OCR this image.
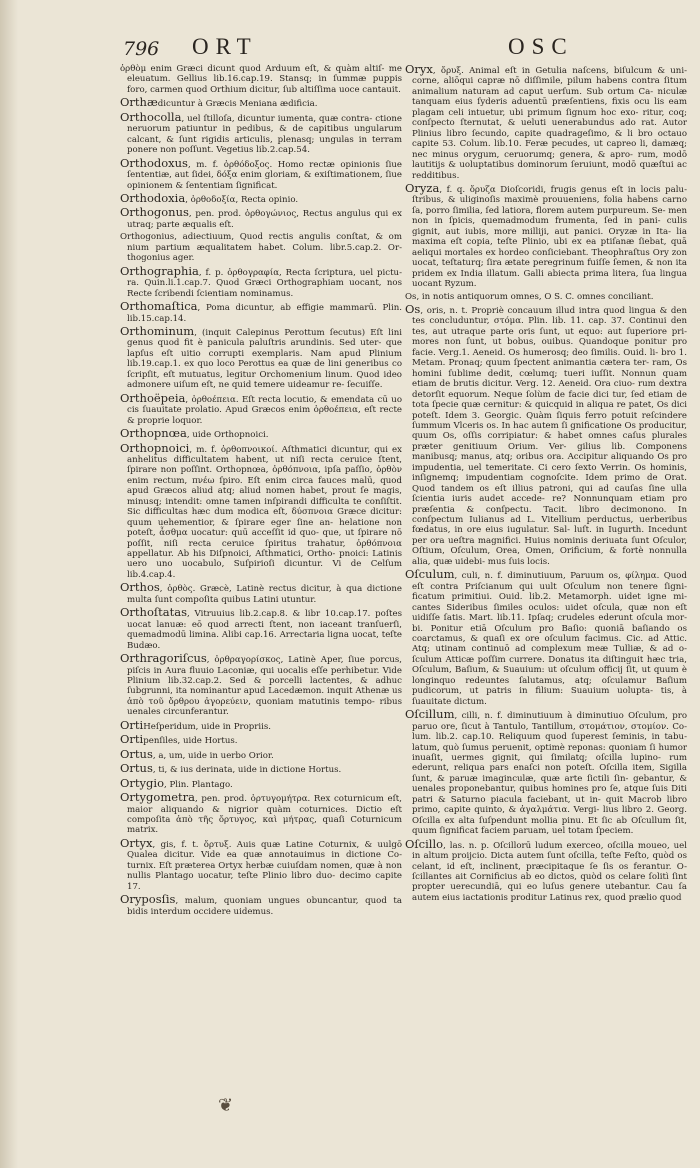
796 ORT	OSC
ὀρθὸμ enim Græci dicunt quod Arduum eſt, & quàm altiſ- me eleuatum. Gellius lib.16.cap.19. Stansq; in ſummæ puppis foro, carmen quod Orthium dicitur, ſub altiſſima uoce cantauit.
Orthædicuntur à Græcis Meniana ædificia.
Orthocolla, uel ſtilloſa, dicuntur iumenta, quæ contra- ctione neruorum patiuntur in pedibus, & de capitibus ungularum calcant, & ſunt rigidis articulis, plenasq; ungulas in terram ponere non poſſunt. Vegetius lib.2.cap.54.
Orthodoxus, m. f. ὀρθόδοξος. Homo rectæ opinionis ſiue ſententiæ, aut ſidei, δόξα enim gloriam, & exiſtimationem, ſiue opinionem & ſententiam ſignificat.
Orthodoxia, ὀρθοδοξία, Recta opinio.
Orthogonus, pen. prod. ὀρθογώνιος, Rectus angulus qui ex utraq; parte æqualis eſt.
Orthogonius, adiectiuum, Quod rectis angulis conſtat, & om nium partium æqualitatem habet. Colum. libr.5.cap.2. Or- thogonius ager.
Orthographia, f. p. ὀρθογραφία, Recta ſcriptura, uel pictu- ra. Quin.li.1.cap.7. Quod Græci Orthographiam uocant, nos Recte ſcribendi ſcientiam nominamus.
Orthomaſtica, Poma dicuntur, ab effigie mammarū. Plin. lib.15.cap.14.
Orthominum, (inquit Calepinus Perottum ſecutus) Eſt lini genus quod fit è panicula paluſtris arundinis. Sed uter- que lapſus eſt uitio corrupti exemplaris. Nam apud Plinium lib.19.cap.1. ex quo loco Perottus ea quæ de lini generibus co ſcripſit, eſt mutuatus, legitur Orchomenium linum. Quod ideo admonere uiſum eſt, ne quid temere uideamur re- ſecuiſſe.
Orthoëpeia, ὀρθοέπεια. Eſt recta locutio, & emendata cū uo cis ſuauitate prolatio. Apud Græcos enim ὀρθοέπεια, eſt recte & proprie loquor.
Orthopnœa, uide Orthopnoici.
Orthopnoici, m. f. ὀρθοπνοικοί. Aſthmatici dicuntur, qui ex anhelitus difficultatem habent, ut niſi recta ceruice ſtent, ſpirare non poſſint. Orthopnœa, ὀρθόπνοια, ipſa paſſio, ὀρθὸν enim rectum, πνέω ſpiro. Eſt enim circa fauces malū, quod apud Græcos aliud atq; aliud nomen habet, prout ſe magis, minusq; intendit: omne tamen inſpirandi difficulta te conſiſtit. Sic difficultas hæc dum modica eſt, δύσπνοια Græce dicitur: quum uehementior, & ſpirare eger ſine an- helatione non poteſt, ἆσθμα uocatur: quū acceſſit id quo- que, ut ſpirare nō poſſit, niſi recta ceruice ſpiritus trahatur, ὀρθόπνοια appellatur. Ab his Diſpnoici, Aſthmatici, Ortho- pnoici: Latinis uero uno uocabulo, Suſpirioſi dicuntur. Vi de Celſum lib.4.cap.4.
Orthos, ὀρθὸς. Græcè, Latinè rectus dicitur, à qua dictione multa ſunt compoſita quibus Latini utuntur.
Orthoſtatas, Vitruuius lib.2.cap.8. & libr 10.cap.17. poſtes uocat lanuæ: eō quod arrecti ſtent, non iaceant tranſuerſi, quemadmodū limina. Alibi cap.16. Arrectaria ligna uocat, teſte Budæo.
Orthragoriſcus, ὀρθραγορίσκος, Latinè Aper, ſiue porcus, piſcis in Aura fluuio Laconiæ, qui uocalis eſſe perhibetur. Vide Plinium lib.32.cap.2. Sed & porcelli lactentes, & adhuc ſubgrunni, ita nominantur apud Lacedæmon. inquit Athenæ us ἀπὸ τοῦ ὄρθρου ἀγορεύειν, quoniam matutinis tempo- ribus uenales circunferantur.
OrtiHeſperidum, uide in Propriis.
Ortipenſiles, uide Hortus.
Ortus, a, um, uide in uerbo Orior.
Ortus, ti, & ius derinata, uide in dictione Hortus.
Ortygio, Plin. Plantago.
Ortygometra, pen. prod. ὀρτυγομήτρα. Rex coturnicum eſt, maior aliquando & nigrior quàm coturnices. Dictio eſt compoſita ἀπὸ τῆς ὄρτυγος, καὶ μήτρας, quaſi Coturnicum matrix.
Ortyx, gis, f. t. ὄρτυξ. Auis quæ Latine Coturnix, & uulgō Qualea dicitur. Vide ea quæ annotauimus in dictione Co- turnix. Eſt præterea Ortyx herbæ cuiuſdam nomen, quæ à non nullis Plantago uocatur, teſte Plinio libro duo- decimo capite 17.
Oryposſis, malum, quoniam ungues obuncantur, quod ta bidis interdum occidere uidemus.
Oryx, ὄρυξ. Animal eſt in Getulia naſcens, biſulcum & uni- corne, aliōqui capræ nō diſſimile, pilum habens contra ſitum animalium naturam ad caput uerſum. Sub ortum Ca- niculæ tanquam eius ſyderis aduentū præſentiens, fixis ocu lis eam plagam celi intuetur, ubi primum ſignum hoc exo- ritur, coq; conſpecto ſternutat, & ueluti uenerabundus ado rat. Autor Plinius libro ſecundo, capite quadrageſimo, & li bro octauo capite 53. Colum. lib.10. Feræ pecudes, ut capreo li, damæq; nec minus orygum, ceruorumq; genera, & apro- rum, modō lautitijs & uoluptatibus dominorum ſeruiunt, modō quæſtui ac redditibus.
Oryza, f. q. ὄρυζα Dioſcoridi, frugis genus eſt in locis palu- ſtribus, & uliginoſis maximè prouueniens, folia habens carno ſa, porro ſimilia, ſed latiora, florem autem purpureum. Se- men non in ſpicis, quemadmodum frumenta, ſed in pani- culis gignit, aut iubis, more milliji, aut panici. Oryzæ in Ita- lia maxima eſt copia, teſte Plinio, ubi ex ea ptiſanæ ſiebat, quā aeliqui mortales ex hordeo conſiciebant. Theophraſtus Ory zon uocat, teſtaturq; ſira ætate peregrinum fuiſſe ſemen, & non ita pridem ex India illatum. Galli abiecta prima litera, ſua lingua uocant Ryzum.
Os, in notis antiquorum omnes, O S. C. omnes conciliant.
Os, oris, n. t. Propriè concauum illud intra quod lingua & den tes concluduntur, στόμα. Plin. lib. 11. cap. 37. Continui den tes, aut utraque parte oris ſunt, ut equo: aut ſuperiore pri- mores non ſunt, ut bobus, ouibus. Quandoque ponitur pro facie. Verg.1. Aeneid. Os humerosq; deo ſimilis. Ouid. li- bro 1. Metam. Pronaq; quum ſpectent animantia cætera ter- ram, Os homini ſublime dedit, cœlumq; tueri iuſſit. Nonnun quam etiam de brutis dicitur. Verg. 12. Aeneid. Ora ciuo- rum dextra detorſit equorum. Neque ſolùm de facie dici tur, ſed etiam de tota ſpecie quæ cernitur: & quicquid in aliqua re patet, Os dici poteſt. Idem 3. Georgic. Quàm ſiquis ferro potuit reſcindere ſummum Vlceris os. In hac autem ſi gnificatione Os producitur, quum Os, oſſis corripiatur: & habet omnes caſus plurales præter genitiuum Orium. Ver- gilius lib. Componens manibusq; manus, atq; oribus ora. Accipitur aliquando Os pro impudentia, uel temeritate. Ci cero ſexto Verrin. Os hominis, inſignemq; impudentiam cognoſcite. Idem primo de Orat. Quod tandem os eſt illius patroni, qui ad cauſas ſine ulla ſcientia iuris audet accede- re? Nonnunquam etiam pro præſentia & conſpectu. Tacit. libro decimonono. In conſpectum Iulianus ad L. Vitellium perductus, uerberibus fœdatus, in ore eius iugulatur. Sal- luſt. in Iugurth. Incedunt per ora ueſtra magnifici. Huius nominis deriuata ſunt Oſculor, Oſtium, Oſculum, Orea, Omen, Orificium, & fortè nonnulla alia, quæ uidebi- mus ſuis locis.
Oſculum, culi, n. f. diminutiuum, Paruum os, φίλημα. Quod eſt contra Priſcianum qui uult Oſculum non tenere ſigni- ficatum primitiui. Ouid. lib.2. Metamorph. uidet igne mi- cantes Sideribus ſimiles oculos: uidet oſcula, quæ non eſt uidiſſe ſatis. Mart. lib.11. Ipſaq; crudeles ederunt oſcula mor- bi. Ponitur etiā Oſculum pro Baſio: quoniā baſiando os coarctamus, & quaſi ex ore oſculum facimus. Cic. ad Attic. Atq; utinam continuō ad complexum meæ Tulliæ, & ad o- ſculum Atticæ poſſim currere. Donatus ita diſtinguit hæc tria, Oſculum, Baſium, & Suauium: ut oſculum officij ſit, ut quum è longinquo redeuntes ſalutamus, atq; oſculamur Baſium pudicorum, ut patris in filium: Suauium uolupta- tis, à ſuauitate dictum.
Oſcillum, cilli, n. f. diminutiuum à diminutiuo Oſculum, pro paruo ore, ſicut à Tantulo, Tantillum, στομάτιον, στομίον. Co- lum. lib.2. cap.10. Reliquum quod ſuperest ſeminis, in tabu- latum, quò ſumus peruenit, optimè reponas: quoniam ſi humor inuaſit, uermes gignit, qui ſimilatq; oſcilla lupino- rum ederunt, reliqua pars enaſci non poteſt. Oſcilla item, Sigilla ſunt, & paruæ imaginculæ, quæ arte ſictili ſin- gebantur, & uenales proponebantur, quibus homines pro ſe, atque ſuis Diti patri & Saturno piacula faciebant, ut in- quit Macrob libro primo, capite quinto, & ἀγαλμάτια. Vergi- lius libro 2. Georg. Oſcilla ex alta ſuſpendunt mollia pinu. Et ſic ab Oſcullum ſit, quum ſignificat faciem paruam, uel totam ſpeciem.
Oſcillo, las. n. p. Oſcillorū ludum exerceo, oſcilla moueo, uel in altum proijcio. Dicta autem ſunt oſcilla, teſte Feſto, quòd os celant, id eſt, inclinent, præcipitaque ſe ſis os ferantur. O- ſcillantes ait Cornificius ab eo dictos, quòd os celare ſolitì ſint propter uerecundiā, qui eo luſus genere utebantur. Cau ſa autem eius iactationis proditur Latinus rex, quod prælio quod
❦
